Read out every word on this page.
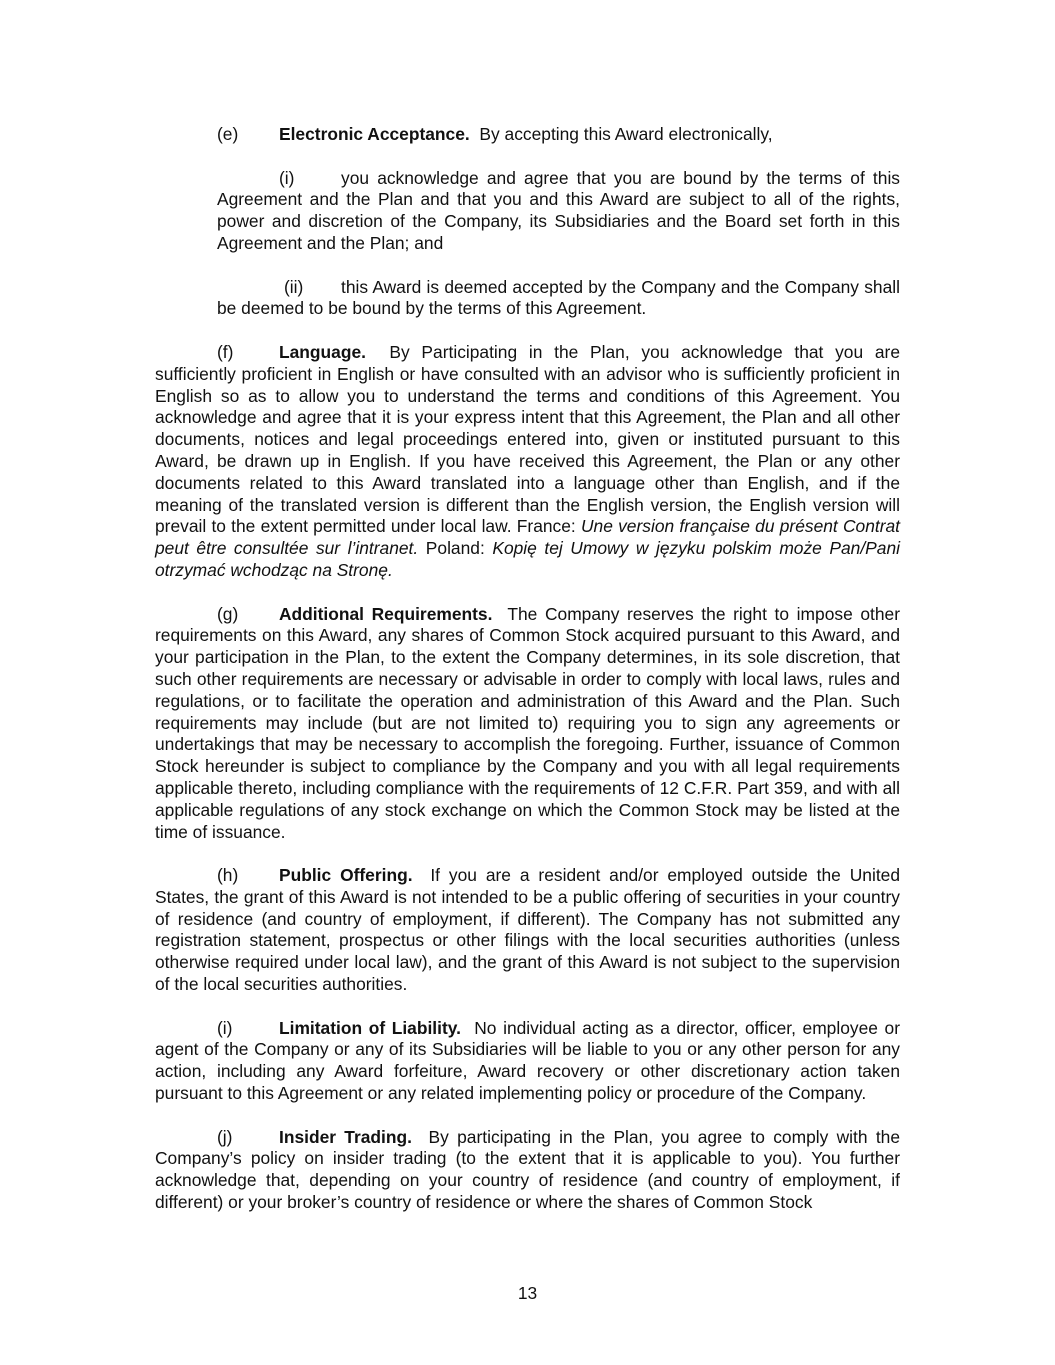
(e) Electronic Acceptance. By accepting this Award electronically,

(i)	you acknowledge and agree that you are bound by the terms of this Agreement and the Plan and that you and this Award are subject to all of the rights, power and discretion of the Company, its Subsidiaries and the Board set forth in this Agreement and the Plan; and

(ii) this Award is deemed accepted by the Company and the Company shall be deemed to be bound by the terms of this Agreement.

(f)	Language. By Participating in the Plan, you acknowledge that you are sufficiently proficient in English or have consulted with an advisor who is sufficiently proficient in English so as to allow you to understand the terms and conditions of this Agreement. You acknowledge and agree that it is your express intent that this Agreement, the Plan and all other documents, notices and legal proceedings entered into, given or instituted pursuant to this Award, be drawn up in English. If you have received this Agreement, the Plan or any other documents related to this Award translated into a language other than English, and if the meaning of the translated version is different than the English version, the English version will prevail to the extent permitted under local law. France: Une version française du présent Contrat peut être consultée sur l’intranet. Poland: Kopię tej Umowy w języku polskim może Pan/Pani otrzymać wchodząc na Stronę.

(g) Additional Requirements. The Company reserves the right to impose other requirements on this Award, any shares of Common Stock acquired pursuant to this Award, and your participation in the Plan, to the extent the Company determines, in its sole discretion, that such other requirements are necessary or advisable in order to comply with local laws, rules and regulations, or to facilitate the operation and administration of this Award and the Plan. Such requirements may include (but are not limited to) requiring you to sign any agreements or undertakings that may be necessary to accomplish the foregoing. Further, issuance of Common Stock hereunder is subject to compliance by the Company and you with all legal requirements applicable thereto, including compliance with the requirements of 12 C.F.R. Part 359, and with all applicable regulations of any stock exchange on which the Common Stock may be listed at the time of issuance.

(h) Public Offering. If you are a resident and/or employed outside the United States, the grant of this Award is not intended to be a public offering of securities in your country of residence (and country of employment, if different). The Company has not submitted any registration statement, prospectus or other filings with the local securities authorities (unless otherwise required under local law), and the grant of this Award is not subject to the supervision of the local securities authorities.

(i)	Limitation of Liability. No individual acting as a director, officer, employee or agent of the Company or any of its Subsidiaries will be liable to you or any other person for any action, including any Award forfeiture, Award recovery or other discretionary action taken pursuant to this Agreement or any related implementing policy or procedure of the Company.

(j)	Insider Trading. By participating in the Plan, you agree to comply with the Company’s policy on insider trading (to the extent that it is applicable to you). You further acknowledge that, depending on your country of residence (and country of employment, if different) or your broker’s country of residence or where the shares of Common Stock

13
